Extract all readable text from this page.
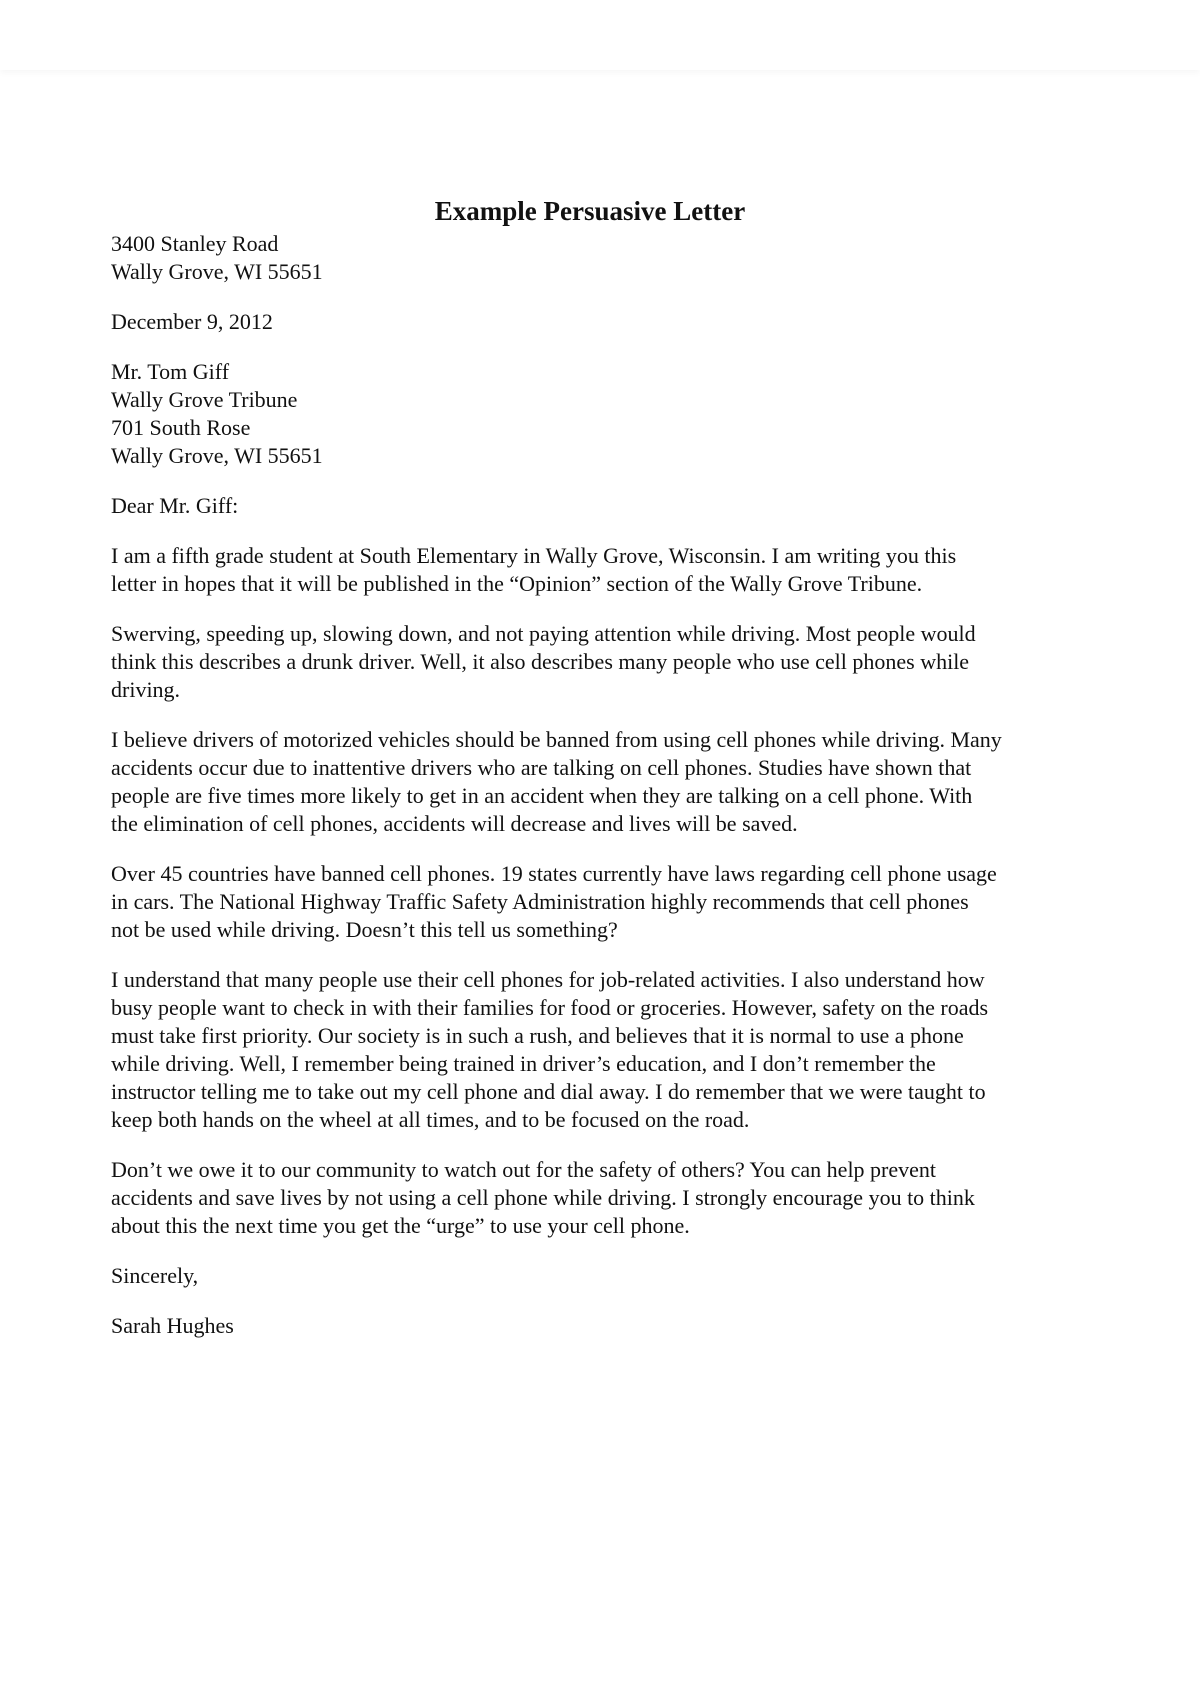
Example Persuasive Letter
3400 Stanley Road
Wally Grove, WI 55651
December 9, 2012
Mr. Tom Giff
Wally Grove Tribune
701 South Rose
Wally Grove, WI 55651
Dear Mr. Giff:

I am a fifth grade student at South Elementary in Wally Grove, Wisconsin. I am writing you this
letter in hopes that it will be published in the “Opinion” section of the Wally Grove Tribune.

Swerving, speeding up, slowing down, and not paying attention while driving. Most people would
think this describes a drunk driver. Well, it also describes many people who use cell phones while
driving.

I believe drivers of motorized vehicles should be banned from using cell phones while driving. Many
accidents occur due to inattentive drivers who are talking on cell phones. Studies have shown that
people are five times more likely to get in an accident when they are talking on a cell phone. With
the elimination of cell phones, accidents will decrease and lives will be saved.

Over 45 countries have banned cell phones. 19 states currently have laws regarding cell phone usage
in cars. The National Highway Traffic Safety Administration highly recommends that cell phones
not be used while driving. Doesn’t this tell us something?

I understand that many people use their cell phones for job-related activities. I also understand how
busy people want to check in with their families for food or groceries. However, safety on the roads
must take first priority. Our society is in such a rush, and believes that it is normal to use a phone
while driving. Well, I remember being trained in driver’s education, and I don’t remember the
instructor telling me to take out my cell phone and dial away. I do remember that we were taught to
keep both hands on the wheel at all times, and to be focused on the road.

Don’t we owe it to our community to watch out for the safety of others? You can help prevent
accidents and save lives by not using a cell phone while driving. I strongly encourage you to think
about this the next time you get the “urge” to use your cell phone.

Sincerely,
Sarah Hughes
